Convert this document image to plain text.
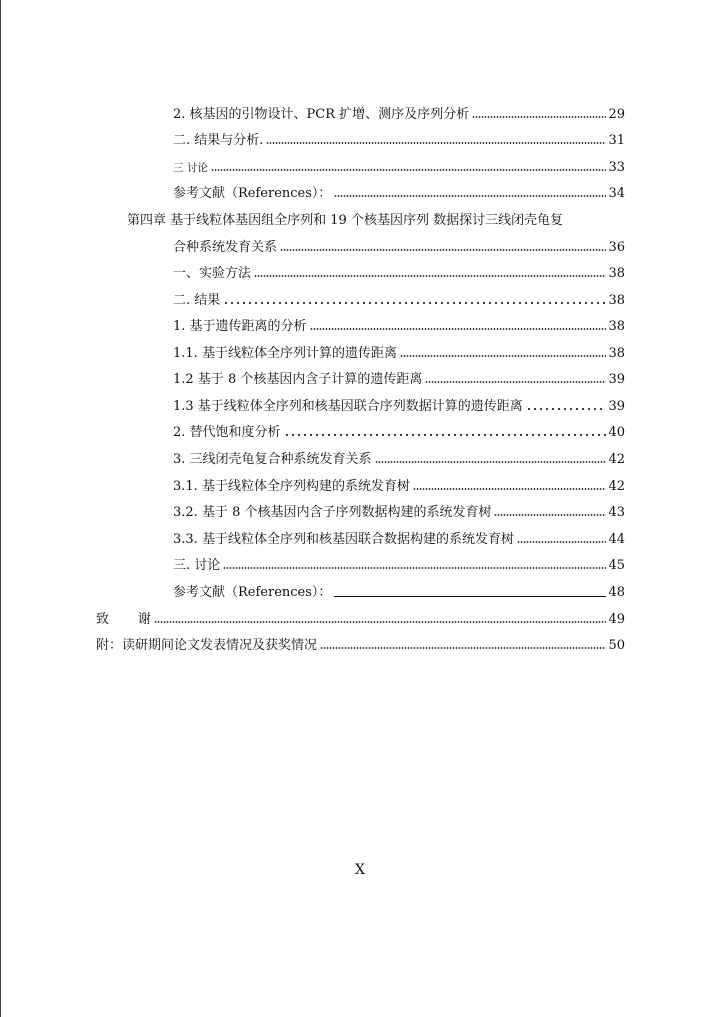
2. 核基因的引物设计、PCR 扩增、测序及序列分析	29
二. 结果与分析.	31
三 讨论	33
参考文献（References）：	34
第四章 基于线粒体基因组全序列和 19 个核基因序列 数据探讨三线闭壳龟复
合种系统发育关系	36
一、实验方法	38
二. 结果	38
1. 基于遗传距离的分析	38
1.1. 基于线粒体全序列计算的遗传距离	38
1.2 基于 8 个核基因内含子计算的遗传距离	39
1.3 基于线粒体全序列和核基因联合序列数据计算的遗传距离	39
2. 替代饱和度分析	40
3. 三线闭壳龟复合种系统发育关系	42
3.1. 基于线粒体全序列构建的系统发育树	42
3.2. 基于 8 个核基因内含子序列数据构建的系统发育树	43
3.3. 基于线粒体全序列和核基因联合数据构建的系统发育树	44
三. 讨论	45
参考文献（References）：	48
致       谢	49
附：读研期间论文发表情况及获奖情况	50
X
